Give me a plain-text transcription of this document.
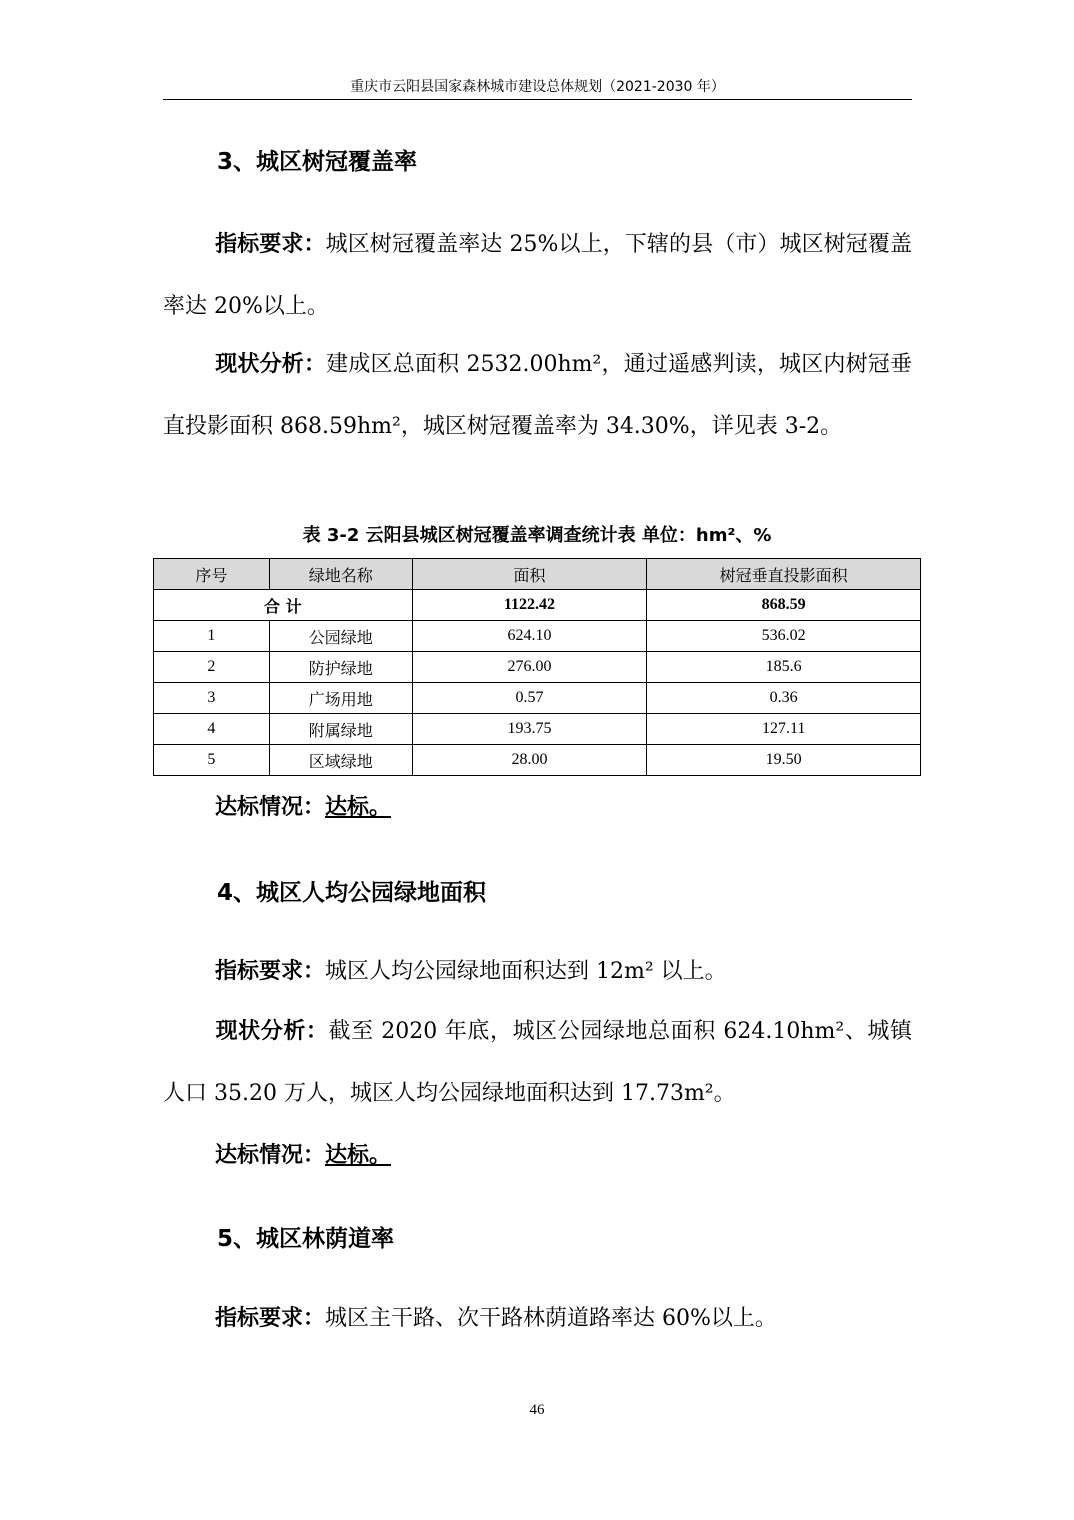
重庆市云阳县国家森林城市建设总体规划（2021-2030 年）
3、城区树冠覆盖率
指标要求：城区树冠覆盖率达 25%以上，下辖的县（市）城区树冠覆盖率达 20%以上。
现状分析：建成区总面积 2532.00hm²，通过遥感判读，城区内树冠垂直投影面积 868.59hm²，城区树冠覆盖率为 34.30%，详见表 3-2。
表 3-2 云阳县城区树冠覆盖率调查统计表 单位：hm²、%
序号	绿地名称	面积	树冠垂直投影面积
合 计		1122.42	868.59
1	公园绿地	624.10	536.02
2	防护绿地	276.00	185.6
3	广场用地	0.57	0.36
4	附属绿地	193.75	127.11
5	区域绿地	28.00	19.50
达标情况：达标。
4、城区人均公园绿地面积
指标要求：城区人均公园绿地面积达到 12m² 以上。
现状分析：截至 2020 年底，城区公园绿地总面积 624.10hm²、城镇人口 35.20 万人，城区人均公园绿地面积达到 17.73m²。
达标情况：达标。
5、城区林荫道率
指标要求：城区主干路、次干路林荫道路率达 60%以上。
46
